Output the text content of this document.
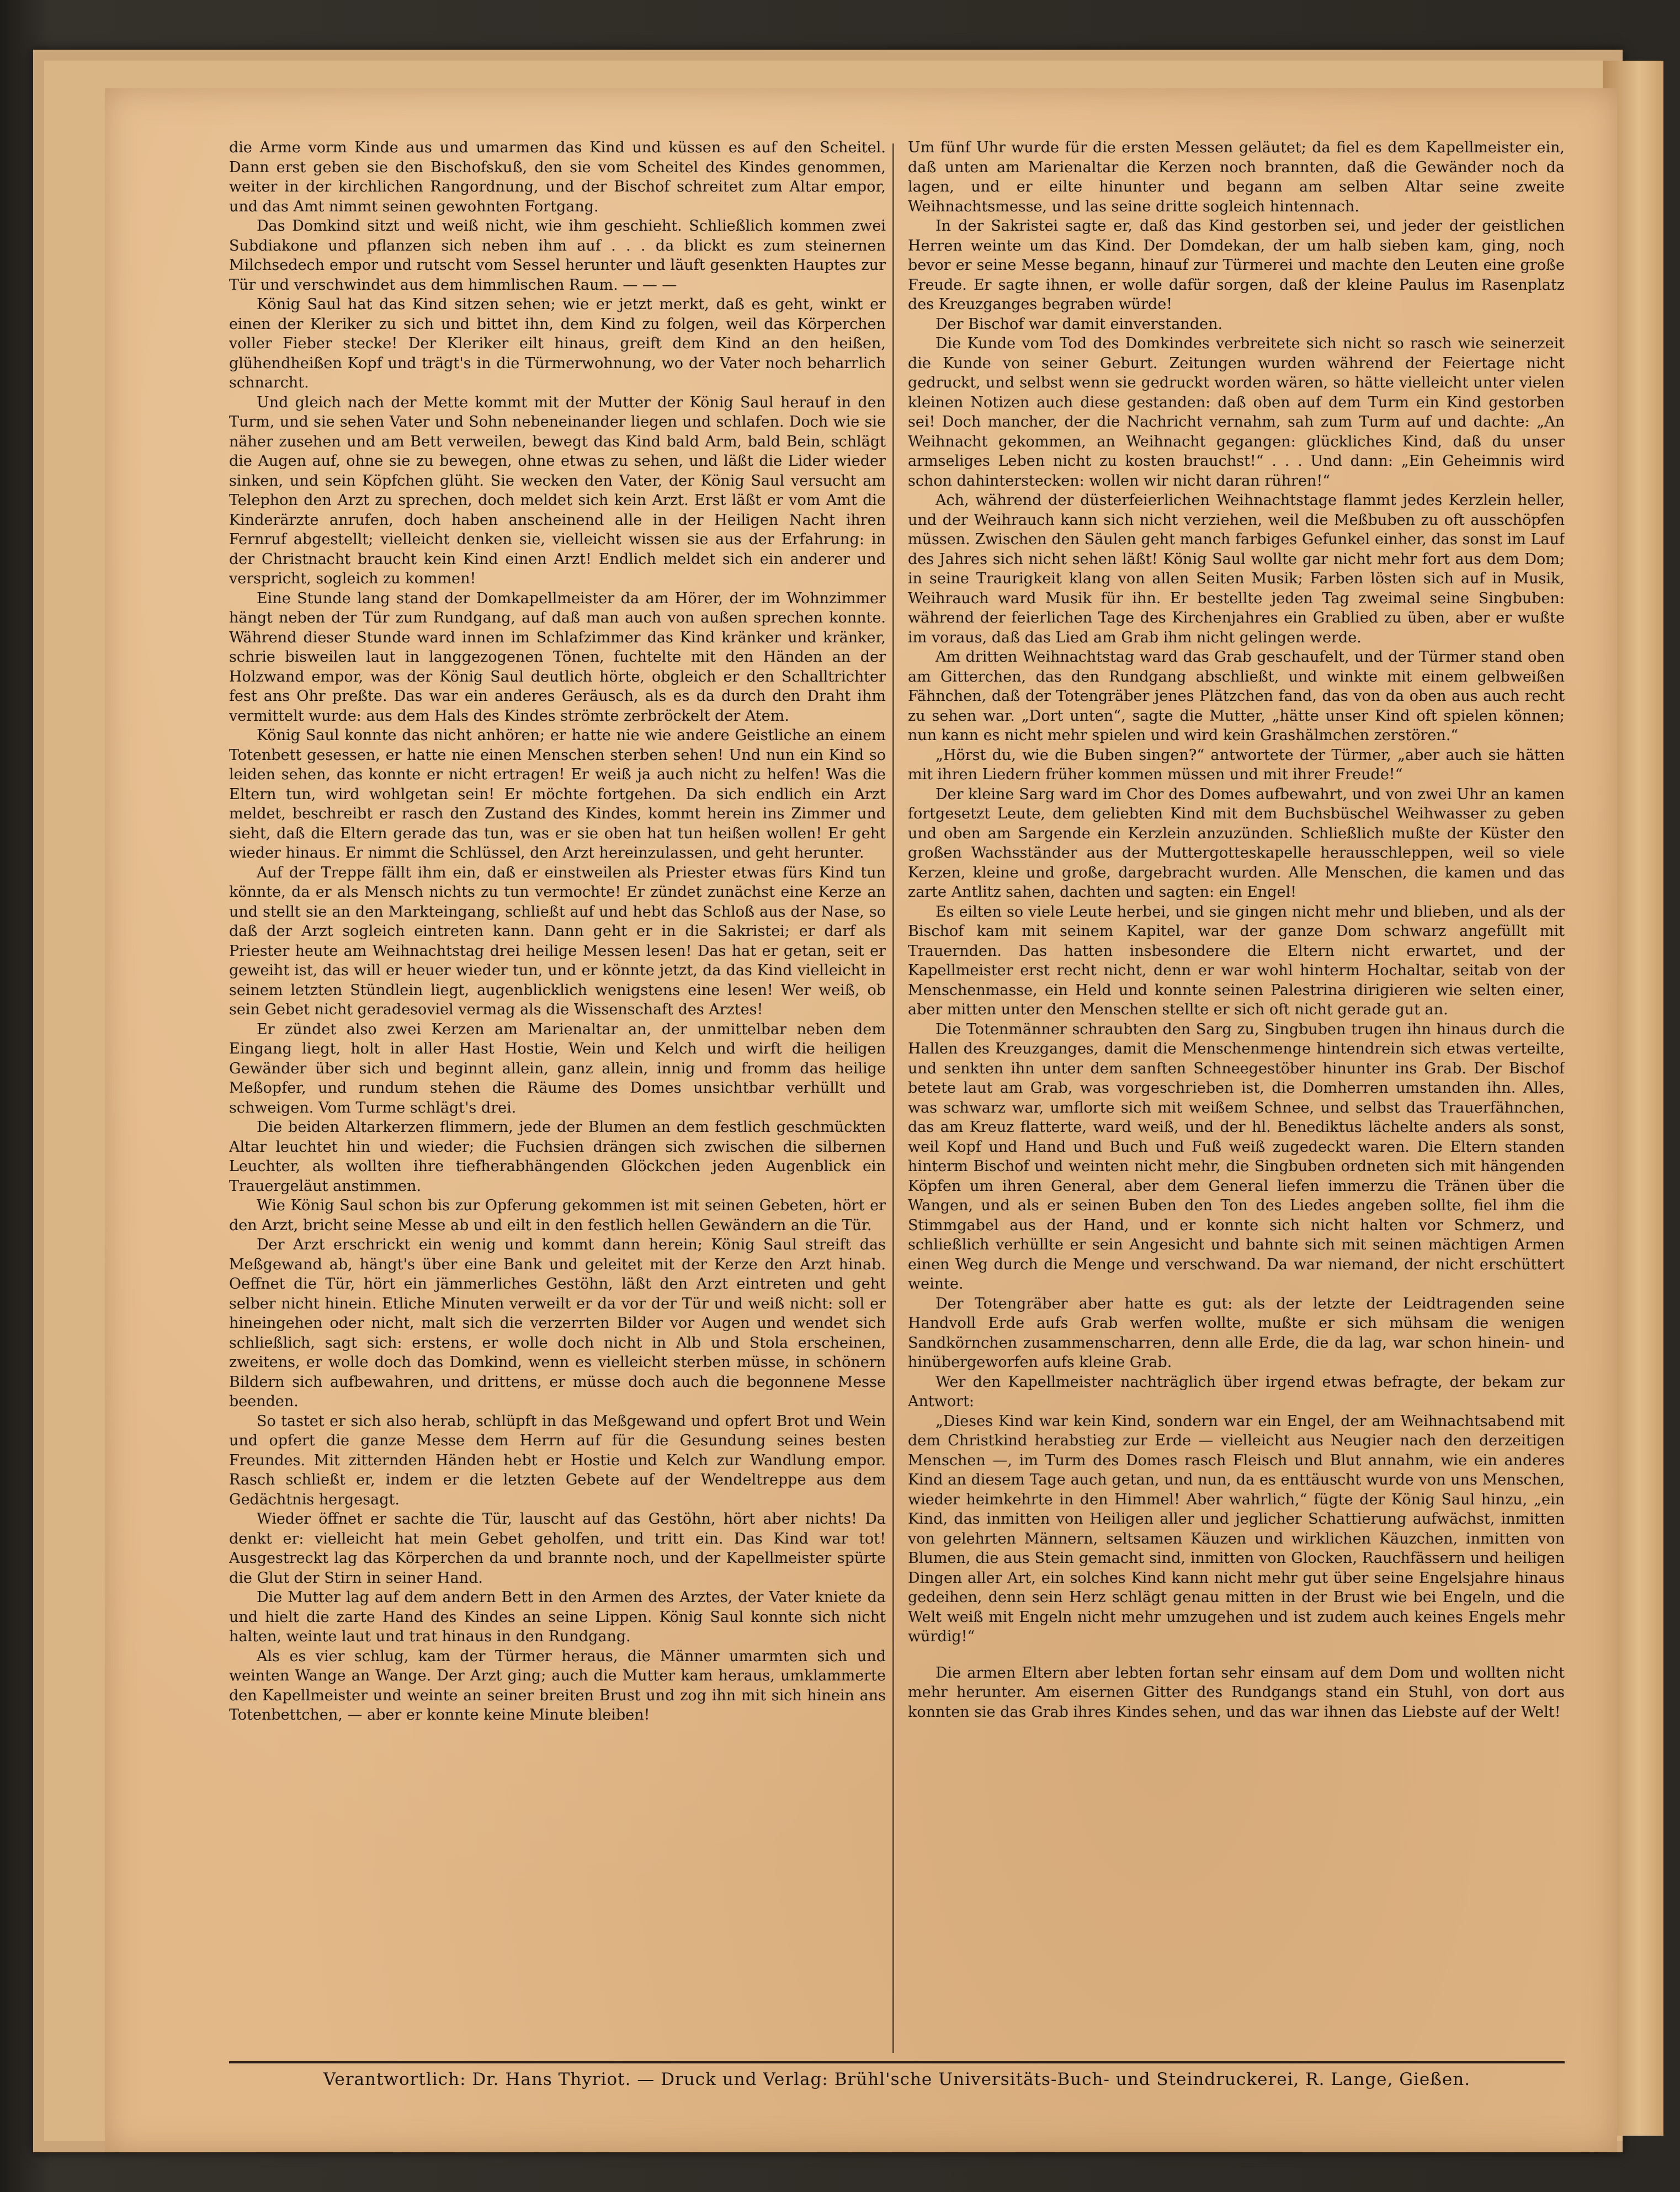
die Arme vorm Kinde aus und umarmen das Kind und küssen es auf den Scheitel. Dann erst geben sie den Bischofskuß, den sie vom Scheitel des Kindes genommen, weiter in der kirchlichen Rangordnung, und der Bischof schreitet zum Altar empor, und das Amt nimmt seinen gewohnten Fortgang.

Das Domkind sitzt und weiß nicht, wie ihm geschieht. Schließlich kommen zwei Subdiakone und pflanzen sich neben ihm auf . . . da blickt es zum steinernen Milchsedech empor und rutscht vom Sessel herunter und läuft gesenkten Hauptes zur Tür und verschwindet aus dem himmlischen Raum. — — —

König Saul hat das Kind sitzen sehen; wie er jetzt merkt, daß es geht, winkt er einen der Kleriker zu sich und bittet ihn, dem Kind zu folgen, weil das Körperchen voller Fieber stecke! Der Kleriker eilt hinaus, greift dem Kind an den heißen, glühendheißen Kopf und trägt's in die Türmerwohnung, wo der Vater noch beharrlich schnarcht.

Und gleich nach der Mette kommt mit der Mutter der König Saul herauf in den Turm, und sie sehen Vater und Sohn nebeneinander liegen und schlafen. Doch wie sie näher zusehen und am Bett verweilen, bewegt das Kind bald Arm, bald Bein, schlägt die Augen auf, ohne sie zu bewegen, ohne etwas zu sehen, und läßt die Lider wieder sinken, und sein Köpfchen glüht. Sie wecken den Vater, der König Saul versucht am Telephon den Arzt zu sprechen, doch meldet sich kein Arzt. Erst läßt er vom Amt die Kinderärzte anrufen, doch haben anscheinend alle in der Heiligen Nacht ihren Fernruf abgestellt; vielleicht denken sie, vielleicht wissen sie aus der Erfahrung: in der Christnacht braucht kein Kind einen Arzt! Endlich meldet sich ein anderer und verspricht, sogleich zu kommen!

Eine Stunde lang stand der Domkapellmeister da am Hörer, der im Wohnzimmer hängt neben der Tür zum Rundgang, auf daß man auch von außen sprechen konnte. Während dieser Stunde ward innen im Schlafzimmer das Kind kränker und kränker, schrie bisweilen laut in langgezogenen Tönen, fuchtelte mit den Händen an der Holzwand empor, was der König Saul deutlich hörte, obgleich er den Schalltrichter fest ans Ohr preßte. Das war ein anderes Geräusch, als es da durch den Draht ihm vermittelt wurde: aus dem Hals des Kindes strömte zerbröckelt der Atem.

König Saul konnte das nicht anhören; er hatte nie wie andere Geistliche an einem Totenbett gesessen, er hatte nie einen Menschen sterben sehen! Und nun ein Kind so leiden sehen, das konnte er nicht ertragen! Er weiß ja auch nicht zu helfen! Was die Eltern tun, wird wohlgetan sein! Er möchte fortgehen. Da sich endlich ein Arzt meldet, beschreibt er rasch den Zustand des Kindes, kommt herein ins Zimmer und sieht, daß die Eltern gerade das tun, was er sie oben hat tun heißen wollen! Er geht wieder hinaus. Er nimmt die Schlüssel, den Arzt hereinzulassen, und geht herunter.

Auf der Treppe fällt ihm ein, daß er einstweilen als Priester etwas fürs Kind tun könnte, da er als Mensch nichts zu tun vermochte! Er zündet zunächst eine Kerze an und stellt sie an den Markteingang, schließt auf und hebt das Schloß aus der Nase, so daß der Arzt sogleich eintreten kann. Dann geht er in die Sakristei; er darf als Priester heute am Weihnachtstag drei heilige Messen lesen! Das hat er getan, seit er geweiht ist, das will er heuer wieder tun, und er könnte jetzt, da das Kind vielleicht in seinem letzten Stündlein liegt, augenblicklich wenigstens eine lesen! Wer weiß, ob sein Gebet nicht geradesoviel vermag als die Wissenschaft des Arztes!

Er zündet also zwei Kerzen am Marienaltar an, der unmittelbar neben dem Eingang liegt, holt in aller Hast Hostie, Wein und Kelch und wirft die heiligen Gewänder über sich und beginnt allein, ganz allein, innig und fromm das heilige Meßopfer, und rundum stehen die Räume des Domes unsichtbar verhüllt und schweigen. Vom Turme schlägt's drei.

Die beiden Altarkerzen flimmern, jede der Blumen an dem festlich geschmückten Altar leuchtet hin und wieder; die Fuchsien drängen sich zwischen die silbernen Leuchter, als wollten ihre tiefherabhängenden Glöckchen jeden Augenblick ein Trauergeläut anstimmen.

Wie König Saul schon bis zur Opferung gekommen ist mit seinen Gebeten, hört er den Arzt, bricht seine Messe ab und eilt in den festlich hellen Gewändern an die Tür.

Der Arzt erschrickt ein wenig und kommt dann herein; König Saul streift das Meßgewand ab, hängt's über eine Bank und geleitet mit der Kerze den Arzt hinab. Oeffnet die Tür, hört ein jämmerliches Gestöhn, läßt den Arzt eintreten und geht selber nicht hinein. Etliche Minuten verweilt er da vor der Tür und weiß nicht: soll er hineingehen oder nicht, malt sich die verzerrten Bilder vor Augen und wendet sich schließlich, sagt sich: erstens, er wolle doch nicht in Alb und Stola erscheinen, zweitens, er wolle doch das Domkind, wenn es vielleicht sterben müsse, in schönern Bildern sich aufbewahren, und drittens, er müsse doch auch die begonnene Messe beenden.

So tastet er sich also herab, schlüpft in das Meßgewand und opfert Brot und Wein und opfert die ganze Messe dem Herrn auf für die Gesundung seines besten Freundes. Mit zitternden Händen hebt er Hostie und Kelch zur Wandlung empor. Rasch schließt er, indem er die letzten Gebete auf der Wendeltreppe aus dem Gedächtnis hergesagt.

Wieder öffnet er sachte die Tür, lauscht auf das Gestöhn, hört aber nichts! Da denkt er: vielleicht hat mein Gebet geholfen, und tritt ein. Das Kind war tot! Ausgestreckt lag das Körperchen da und brannte noch, und der Kapellmeister spürte die Glut der Stirn in seiner Hand.

Die Mutter lag auf dem andern Bett in den Armen des Arztes, der Vater kniete da und hielt die zarte Hand des Kindes an seine Lippen. König Saul konnte sich nicht halten, weinte laut und trat hinaus in den Rundgang.

Als es vier schlug, kam der Türmer heraus, die Männer umarmten sich und weinten Wange an Wange. Der Arzt ging; auch die Mutter kam heraus, umklammerte den Kapellmeister und weinte an seiner breiten Brust und zog ihn mit sich hinein ans Totenbettchen, — aber er konnte keine Minute bleiben!

Um fünf Uhr wurde für die ersten Messen geläutet; da fiel es dem Kapellmeister ein, daß unten am Marienaltar die Kerzen noch brannten, daß die Gewänder noch da lagen, und er eilte hinunter und begann am selben Altar seine zweite Weihnachtsmesse, und las seine dritte sogleich hintennach.

In der Sakristei sagte er, daß das Kind gestorben sei, und jeder der geistlichen Herren weinte um das Kind. Der Domdekan, der um halb sieben kam, ging, noch bevor er seine Messe begann, hinauf zur Türmerei und machte den Leuten eine große Freude. Er sagte ihnen, er wolle dafür sorgen, daß der kleine Paulus im Rasenplatz des Kreuzganges begraben würde!

Der Bischof war damit einverstanden.

Die Kunde vom Tod des Domkindes verbreitete sich nicht so rasch wie seinerzeit die Kunde von seiner Geburt. Zeitungen wurden während der Feiertage nicht gedruckt, und selbst wenn sie gedruckt worden wären, so hätte vielleicht unter vielen kleinen Notizen auch diese gestanden: daß oben auf dem Turm ein Kind gestorben sei! Doch mancher, der die Nachricht vernahm, sah zum Turm auf und dachte: „An Weihnacht gekommen, an Weihnacht gegangen: glückliches Kind, daß du unser armseliges Leben nicht zu kosten brauchst!“ . . . Und dann: „Ein Geheimnis wird schon dahinterstecken: wollen wir nicht daran rühren!“

Ach, während der düsterfeierlichen Weihnachtstage flammt jedes Kerzlein heller, und der Weihrauch kann sich nicht verziehen, weil die Meßbuben zu oft ausschöpfen müssen. Zwischen den Säulen geht manch farbiges Gefunkel einher, das sonst im Lauf des Jahres sich nicht sehen läßt! König Saul wollte gar nicht mehr fort aus dem Dom; in seine Traurigkeit klang von allen Seiten Musik; Farben lösten sich auf in Musik, Weihrauch ward Musik für ihn. Er bestellte jeden Tag zweimal seine Singbuben: während der feierlichen Tage des Kirchenjahres ein Grablied zu üben, aber er wußte im voraus, daß das Lied am Grab ihm nicht gelingen werde.

Am dritten Weihnachtstag ward das Grab geschaufelt, und der Türmer stand oben am Gitterchen, das den Rundgang abschließt, und winkte mit einem gelbweißen Fähnchen, daß der Totengräber jenes Plätzchen fand, das von da oben aus auch recht zu sehen war. „Dort unten“, sagte die Mutter, „hätte unser Kind oft spielen können; nun kann es nicht mehr spielen und wird kein Grashälmchen zerstören.“

„Hörst du, wie die Buben singen?“ antwortete der Türmer, „aber auch sie hätten mit ihren Liedern früher kommen müssen und mit ihrer Freude!“

Der kleine Sarg ward im Chor des Domes aufbewahrt, und von zwei Uhr an kamen fortgesetzt Leute, dem geliebten Kind mit dem Buchsbüschel Weihwasser zu geben und oben am Sargende ein Kerzlein anzuzünden. Schließlich mußte der Küster den großen Wachsständer aus der Muttergotteskapelle herausschleppen, weil so viele Kerzen, kleine und große, dargebracht wurden. Alle Menschen, die kamen und das zarte Antlitz sahen, dachten und sagten: ein Engel!

Es eilten so viele Leute herbei, und sie gingen nicht mehr und blieben, und als der Bischof kam mit seinem Kapitel, war der ganze Dom schwarz angefüllt mit Trauernden. Das hatten insbesondere die Eltern nicht erwartet, und der Kapellmeister erst recht nicht, denn er war wohl hinterm Hochaltar, seitab von der Menschenmasse, ein Held und konnte seinen Palestrina dirigieren wie selten einer, aber mitten unter den Menschen stellte er sich oft nicht gerade gut an.

Die Totenmänner schraubten den Sarg zu, Singbuben trugen ihn hinaus durch die Hallen des Kreuzganges, damit die Menschenmenge hintendrein sich etwas verteilte, und senkten ihn unter dem sanften Schneegestöber hinunter ins Grab. Der Bischof betete laut am Grab, was vorgeschrieben ist, die Domherren umstanden ihn. Alles, was schwarz war, umflorte sich mit weißem Schnee, und selbst das Trauerfähnchen, das am Kreuz flatterte, ward weiß, und der hl. Benediktus lächelte anders als sonst, weil Kopf und Hand und Buch und Fuß weiß zugedeckt waren. Die Eltern standen hinterm Bischof und weinten nicht mehr, die Singbuben ordneten sich mit hängenden Köpfen um ihren General, aber dem General liefen immerzu die Tränen über die Wangen, und als er seinen Buben den Ton des Liedes angeben sollte, fiel ihm die Stimmgabel aus der Hand, und er konnte sich nicht halten vor Schmerz, und schließlich verhüllte er sein Angesicht und bahnte sich mit seinen mächtigen Armen einen Weg durch die Menge und verschwand. Da war niemand, der nicht erschüttert weinte.

Der Totengräber aber hatte es gut: als der letzte der Leidtragenden seine Handvoll Erde aufs Grab werfen wollte, mußte er sich mühsam die wenigen Sandkörnchen zusammenscharren, denn alle Erde, die da lag, war schon hinein- und hinübergeworfen aufs kleine Grab.

Wer den Kapellmeister nachträglich über irgend etwas befragte, der bekam zur Antwort:

„Dieses Kind war kein Kind, sondern war ein Engel, der am Weihnachtsabend mit dem Christkind herabstieg zur Erde — vielleicht aus Neugier nach den derzeitigen Menschen —, im Turm des Domes rasch Fleisch und Blut annahm, wie ein anderes Kind an diesem Tage auch getan, und nun, da es enttäuscht wurde von uns Menschen, wieder heimkehrte in den Himmel! Aber wahrlich,“ fügte der König Saul hinzu, „ein Kind, das inmitten von Heiligen aller und jeglicher Schattierung aufwächst, inmitten von gelehrten Männern, seltsamen Käuzen und wirklichen Käuzchen, inmitten von Blumen, die aus Stein gemacht sind, inmitten von Glocken, Rauchfässern und heiligen Dingen aller Art, ein solches Kind kann nicht mehr gut über seine Engelsjahre hinaus gedeihen, denn sein Herz schlägt genau mitten in der Brust wie bei Engeln, und die Welt weiß mit Engeln nicht mehr umzugehen und ist zudem auch keines Engels mehr würdig!“

Die armen Eltern aber lebten fortan sehr einsam auf dem Dom und wollten nicht mehr herunter. Am eisernen Gitter des Rundgangs stand ein Stuhl, von dort aus konnten sie das Grab ihres Kindes sehen, und das war ihnen das Liebste auf der Welt!

Verantwortlich: Dr. Hans Thyriot. — Druck und Verlag: Brühl'sche Universitäts-Buch- und Steindruckerei, R. Lange, Gießen.
